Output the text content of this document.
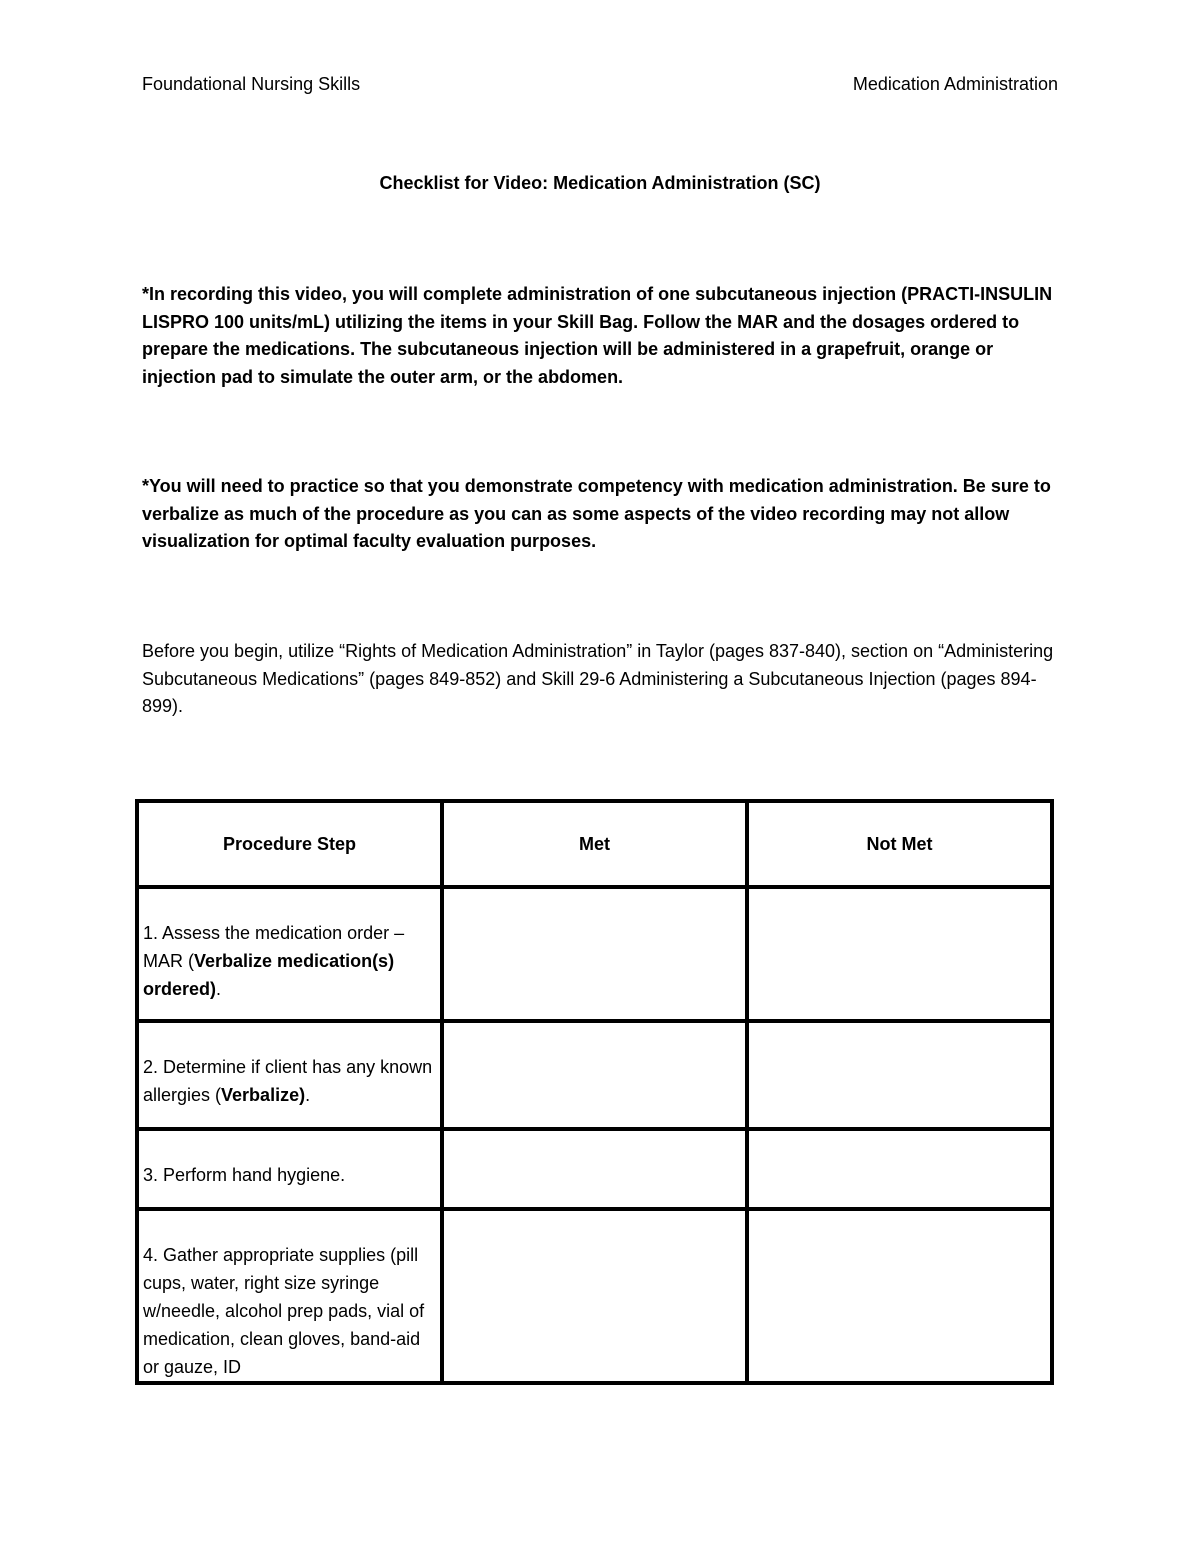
Foundational Nursing Skills	Medication Administration
Checklist for Video: Medication Administration (SC)
*In recording this video, you will complete administration of one subcutaneous injection (PRACTI-INSULIN LISPRO 100 units/mL) utilizing the items in your Skill Bag. Follow the MAR and the dosages ordered to prepare the medications. The subcutaneous injection will be administered in a grapefruit, orange or injection pad to simulate the outer arm, or the abdomen.
*You will need to practice so that you demonstrate competency with medication administration. Be sure to verbalize as much of the procedure as you can as some aspects of the video recording may not allow visualization for optimal faculty evaluation purposes.
Before you begin, utilize “Rights of Medication Administration” in Taylor (pages 837-840), section on “Administering Subcutaneous Medications” (pages 849-852) and Skill 29-6 Administering a Subcutaneous Injection (pages 894-899).
Procedure Step	Met	Not Met

1. Assess the medication order – MAR (Verbalize medication(s) ordered).		

2. Determine if client has any known allergies (Verbalize).		

3. Perform hand hygiene.		

4. Gather appropriate supplies (pill cups, water, right size syringe w/needle, alcohol prep pads, vial of medication, clean gloves, band-aid or gauze, ID		
